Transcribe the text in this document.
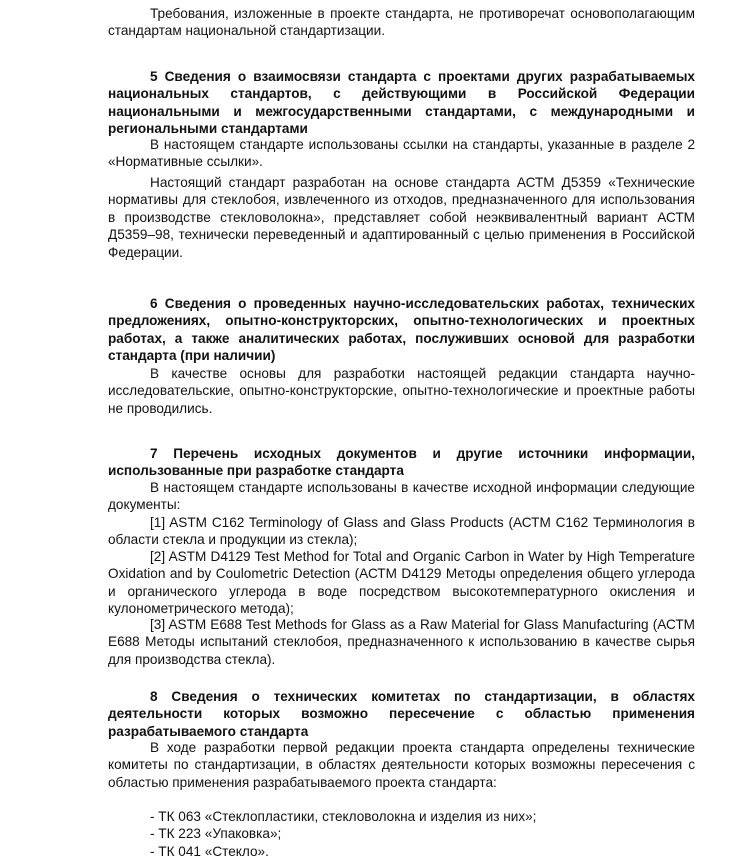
Требования, изложенные в проекте стандарта, не противоречат основополагающим стандартам национальной стандартизации.

5 Сведения о взаимосвязи стандарта с проектами других разрабатываемых национальных стандартов, с действующими в Российской Федерации национальными и межгосударственными стандартами, с международными и региональными стандартами

В настоящем стандарте использованы ссылки на стандарты, указанные в разделе 2 «Нормативные ссылки».

Настоящий стандарт разработан на основе стандарта АСТМ Д5359 «Технические нормативы для стеклобоя, извлеченного из отходов, предназначенного для использования в производстве стекловолокна», представляет собой неэквивалентный вариант АСТМ Д5359–98, технически переведенный и адаптированный с целью применения в Российской Федерации.

6 Сведения о проведенных научно-исследовательских работах, технических предложениях, опытно-конструкторских, опытно-технологических и проектных работах, а также аналитических работах, послуживших основой для разработки стандарта (при наличии)

В качестве основы для разработки настоящей редакции стандарта научно-исследовательские, опытно-конструкторские, опытно-технологические и проектные работы не проводились.

7 Перечень исходных документов и другие источники информации, использованные при разработке стандарта

В настоящем стандарте использованы в качестве исходной информации следующие документы:

[1] ASTM C162 Terminology of Glass and Glass Products (АСТМ С162 Терминология в области стекла и продукции из стекла);

[2] ASTM D4129 Test Method for Total and Organic Carbon in Water by High Temperature Oxidation and by Coulometric Detection (АСТМ D4129 Методы определения общего углерода и органического углерода в воде посредством высокотемпературного окисления и кулонометрического метода);

[3] ASTM E688 Test Methods for Glass as a Raw Material for Glass Manufacturing (АСТМ Е688 Методы испытаний стеклобоя, предназначенного к использованию в качестве сырья для производства стекла).

8 Сведения о технических комитетах по стандартизации, в областях деятельности которых возможно пересечение с областью применения разрабатываемого стандарта

В ходе разработки первой редакции проекта стандарта определены технические комитеты по стандартизации, в областях деятельности которых возможны пересечения с областью применения разрабатываемого проекта стандарта:

- ТК 063 «Стеклопластики, стекловолокна и изделия из них»;

- ТК 223 «Упаковка»;

- ТК 041 «Стекло».
